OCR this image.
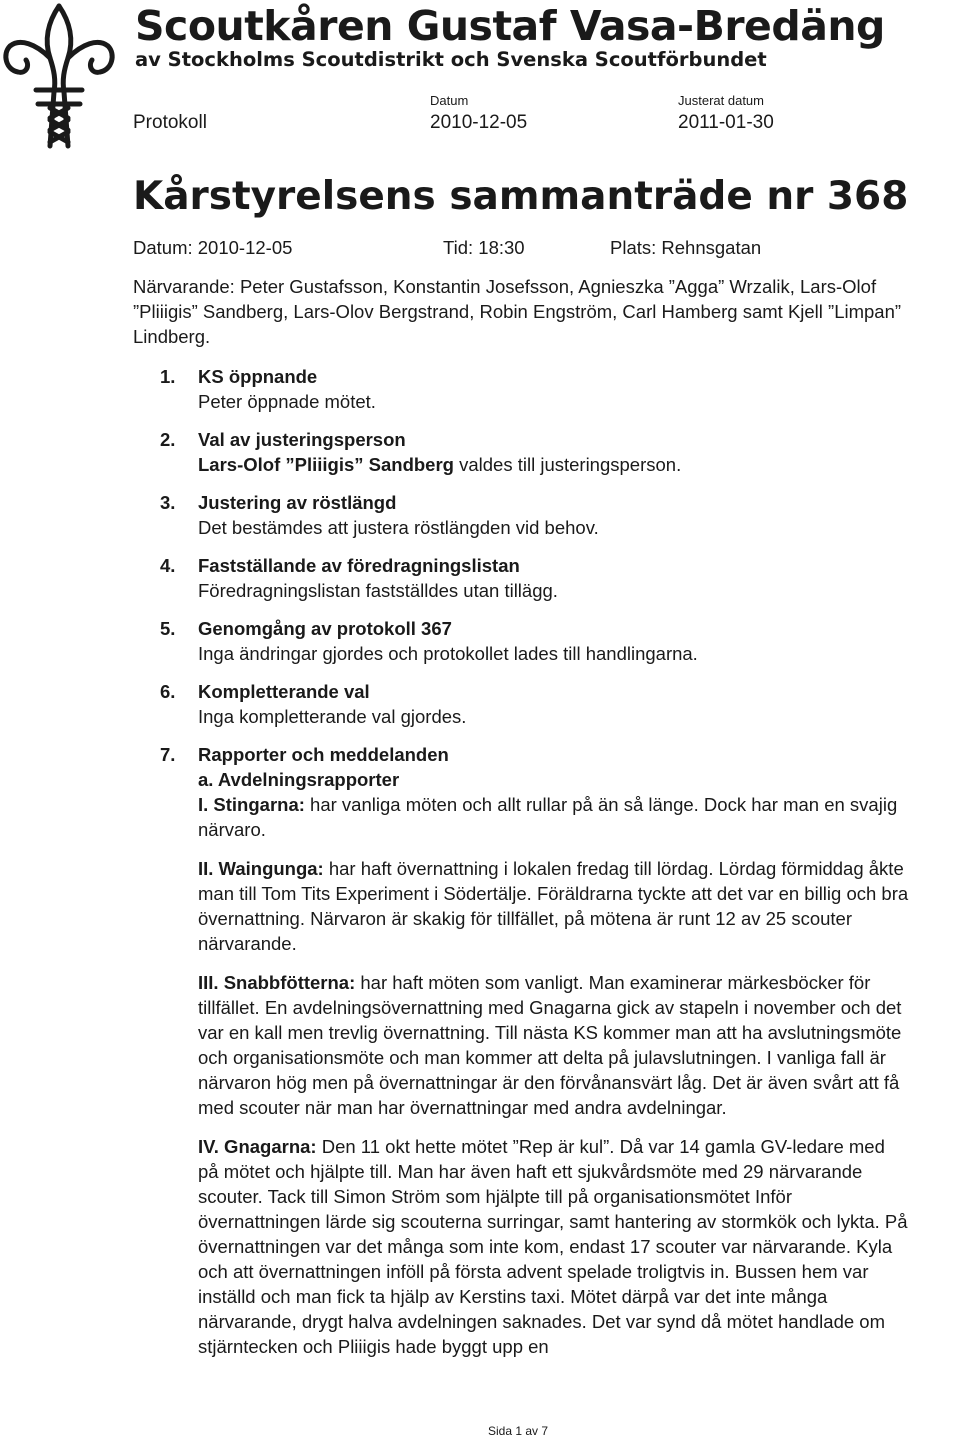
Scoutkåren Gustaf Vasa-Bredäng
av Stockholms Scoutdistrikt och Svenska Scoutförbundet
Protokoll
Datum
2010-12-05
Justerat datum
2011-01-30
Kårstyrelsens sammanträde nr 368
Datum: 2010-12-05	Tid: 18:30	Plats: Rehnsgatan

Närvarande: Peter Gustafsson, Konstantin Josefsson, Agnieszka ”Agga” Wrzalik, Lars-Olof ”Pliiigis” Sandberg, Lars-Olov Bergstrand, Robin Engström, Carl Hamberg samt Kjell ”Limpan” Lindberg.

1.	KS öppnande
Peter öppnade mötet.
2.	Val av justeringsperson
Lars-Olof ”Pliiigis” Sandberg valdes till justeringsperson.
3.	Justering av röstlängd
Det bestämdes att justera röstlängden vid behov.
4.	Fastställande av föredragningslistan
Föredragningslistan fastställdes utan tillägg.
5.	Genomgång av protokoll 367
Inga ändringar gjordes och protokollet lades till handlingarna.
6.	Kompletterande val
Inga kompletterande val gjordes.
7.	Rapporter och meddelanden
a. Avdelningsrapporter

I. Stingarna: har vanliga möten och allt rullar på än så länge. Dock har man en svajig närvaro.

II. Waingunga: har haft övernattning i lokalen fredag till lördag. Lördag förmiddag åkte man till Tom Tits Experiment i Södertälje. Föräldrarna tyckte att det var en billig och bra övernattning. Närvaron är skakig för tillfället, på mötena är runt 12 av 25 scouter närvarande.

III. Snabbfötterna: har haft möten som vanligt. Man examinerar märkesböcker för tillfället. En avdelningsövernattning med Gnagarna gick av stapeln i november och det var en kall men trevlig övernattning. Till nästa KS kommer man att ha avslutningsmöte och organisationsmöte och man kommer att delta på julavslutningen. I vanliga fall är närvaron hög men på övernattningar är den förvånansvärt låg. Det är även svårt att få med scouter när man har övernattningar med andra avdelningar.

IV. Gnagarna: Den 11 okt hette mötet ”Rep är kul”. Då var 14 gamla GV-ledare med på mötet och hjälpte till. Man har även haft ett sjukvårdsmöte med 29 närvarande scouter. Tack till Simon Ström som hjälpte till på organisationsmötet Inför övernattningen lärde sig scouterna surringar, samt hantering av stormkök och lykta. På övernattningen var det många som inte kom, endast 17 scouter var närvarande. Kyla och att övernattningen inföll på första advent spelade troligtvis in. Bussen hem var inställd och man fick ta hjälp av Kerstins taxi. Mötet därpå var det inte många närvarande, drygt halva avdelningen saknades. Det var synd då mötet handlade om stjärntecken och Pliiigis hade byggt upp en

Sida 1 av 7
